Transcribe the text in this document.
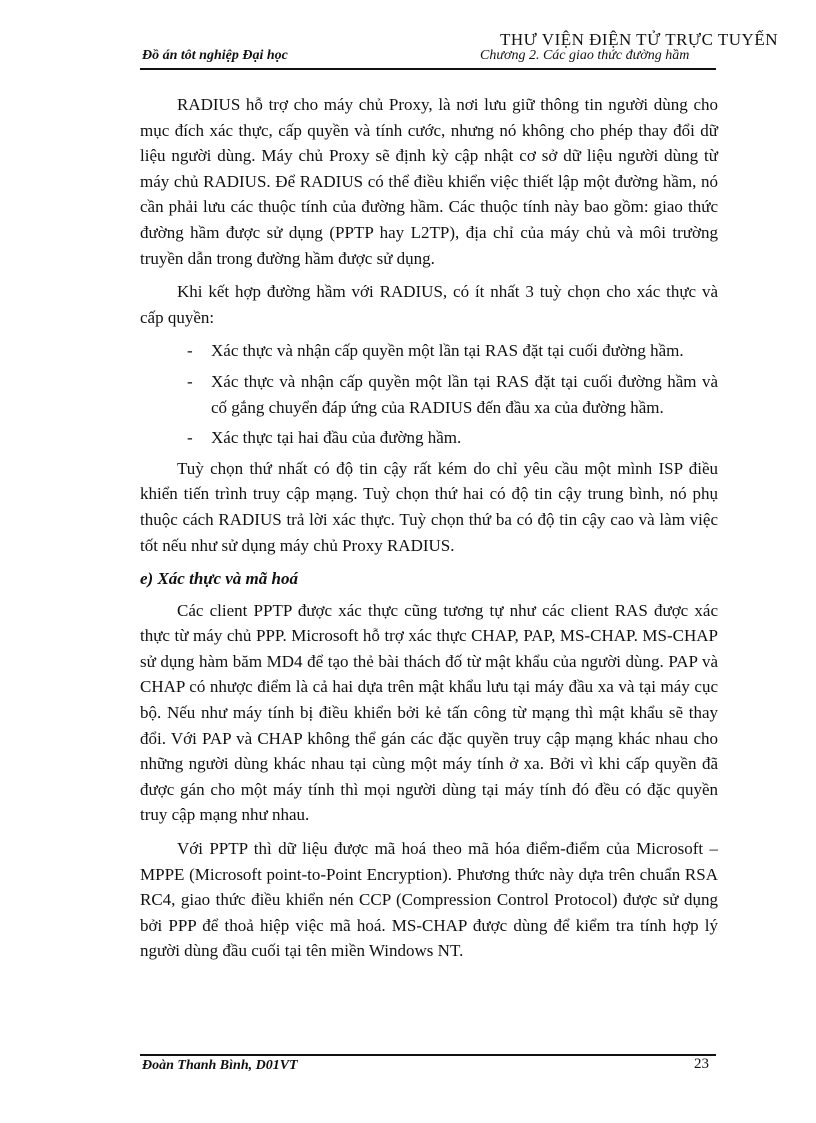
Đồ án tôt nghiệp Đại học	Chương 2. Các giao thức đường hầm
THƯ VIỆN ĐIỆN TỬ TRỰC TUYẾN

RADIUS hỗ trợ cho máy chủ Proxy, là nơi lưu giữ thông tin người dùng cho mục đích xác thực, cấp quyền và tính cước, nhưng nó không cho phép thay đổi dữ liệu người dùng. Máy chủ Proxy sẽ định kỳ cập nhật cơ sở dữ liệu người dùng từ máy chủ RADIUS. Để RADIUS có thể điều khiển việc thiết lập một đường hầm, nó cần phải lưu các thuộc tính của đường hầm. Các thuộc tính này bao gồm: giao thức đường hầm được sử dụng (PPTP hay L2TP), địa chỉ của máy chủ và môi trường truyền dẫn trong đường hầm được sử dụng.

Khi kết hợp đường hầm với RADIUS, có ít nhất 3 tuỳ chọn cho xác thực và cấp quyền:

- Xác thực và nhận cấp quyền một lần tại RAS đặt tại cuối đường hầm.
- Xác thực và nhận cấp quyền một lần tại RAS đặt tại cuối đường hầm và cố gắng chuyển đáp ứng của RADIUS đến đầu xa của đường hầm.
- Xác thực tại hai đầu của đường hầm.

Tuỳ chọn thứ nhất có độ tin cậy rất kém do chỉ yêu cầu một mình ISP điều khiển tiến trình truy cập mạng. Tuỳ chọn thứ hai có độ tin cậy trung bình, nó phụ thuộc cách RADIUS trả lời xác thực. Tuỳ chọn thứ ba có độ tin cậy cao và làm việc tốt nếu như sử dụng máy chủ Proxy RADIUS.

e) Xác thực và mã hoá

Các client PPTP được xác thực cũng tương tự như các client RAS được xác thực từ máy chủ PPP. Microsoft hỗ trợ xác thực CHAP, PAP, MS-CHAP. MS-CHAP sử dụng hàm băm MD4 để tạo thẻ bài thách đố từ mật khẩu của người dùng. PAP và CHAP có nhược điểm là cả hai dựa trên mật khẩu lưu tại máy đầu xa và tại máy cục bộ. Nếu như máy tính bị điều khiển bởi kẻ tấn công từ mạng thì mật khẩu sẽ thay đổi. Với PAP và CHAP không thể gán các đặc quyền truy cập mạng khác nhau cho những người dùng khác nhau tại cùng một máy tính ở xa. Bởi vì khi cấp quyền đã được gán cho một máy tính thì mọi người dùng tại máy tính đó đều có đặc quyền truy cập mạng như nhau.

Với PPTP thì dữ liệu được mã hoá theo mã hóa điểm-điểm của Microsoft – MPPE (Microsoft point-to-Point Encryption). Phương thức này dựa trên chuẩn RSA RC4, giao thức điều khiển nén CCP (Compression Control Protocol) được sử dụng bởi PPP để thoả hiệp việc mã hoá. MS-CHAP được dùng để kiểm tra tính hợp lý người dùng đầu cuối tại tên miền Windows NT.

Đoàn Thanh Bình, D01VT	23
